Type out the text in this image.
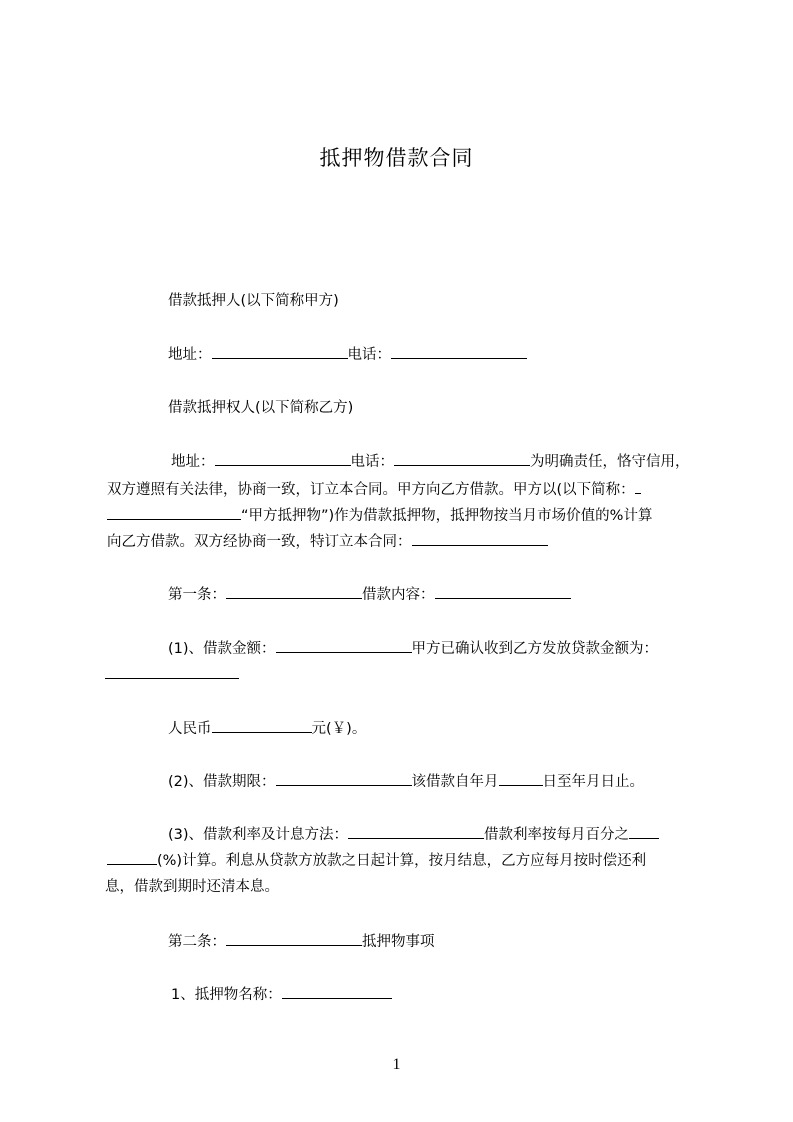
抵押物借款合同
借款抵押人(以下简称甲方)
地址：	电话：
借款抵押权人(以下简称乙方)
地址：	电话：	为明确责任，恪守信用，
双方遵照有关法律，协商一致，订立本合同。甲方向乙方借款。甲方以(以下简称：
“甲方抵押物”)作为借款抵押物，抵押物按当月市场价值的%计算
向乙方借款。双方经协商一致，特订立本合同：
第一条：	借款内容：
(1)、借款金额：	甲方已确认收到乙方发放贷款金额为：
人民币	元(￥)。
(2)、借款期限：	该借款自年月	日至年月日止。
(3)、借款利率及计息方法：	借款利率按每月百分之
(%)计算。利息从贷款方放款之日起计算，按月结息，乙方应每月按时偿还利
息，借款到期时还清本息。
第二条：	抵押物事项
1、抵押物名称：
1
